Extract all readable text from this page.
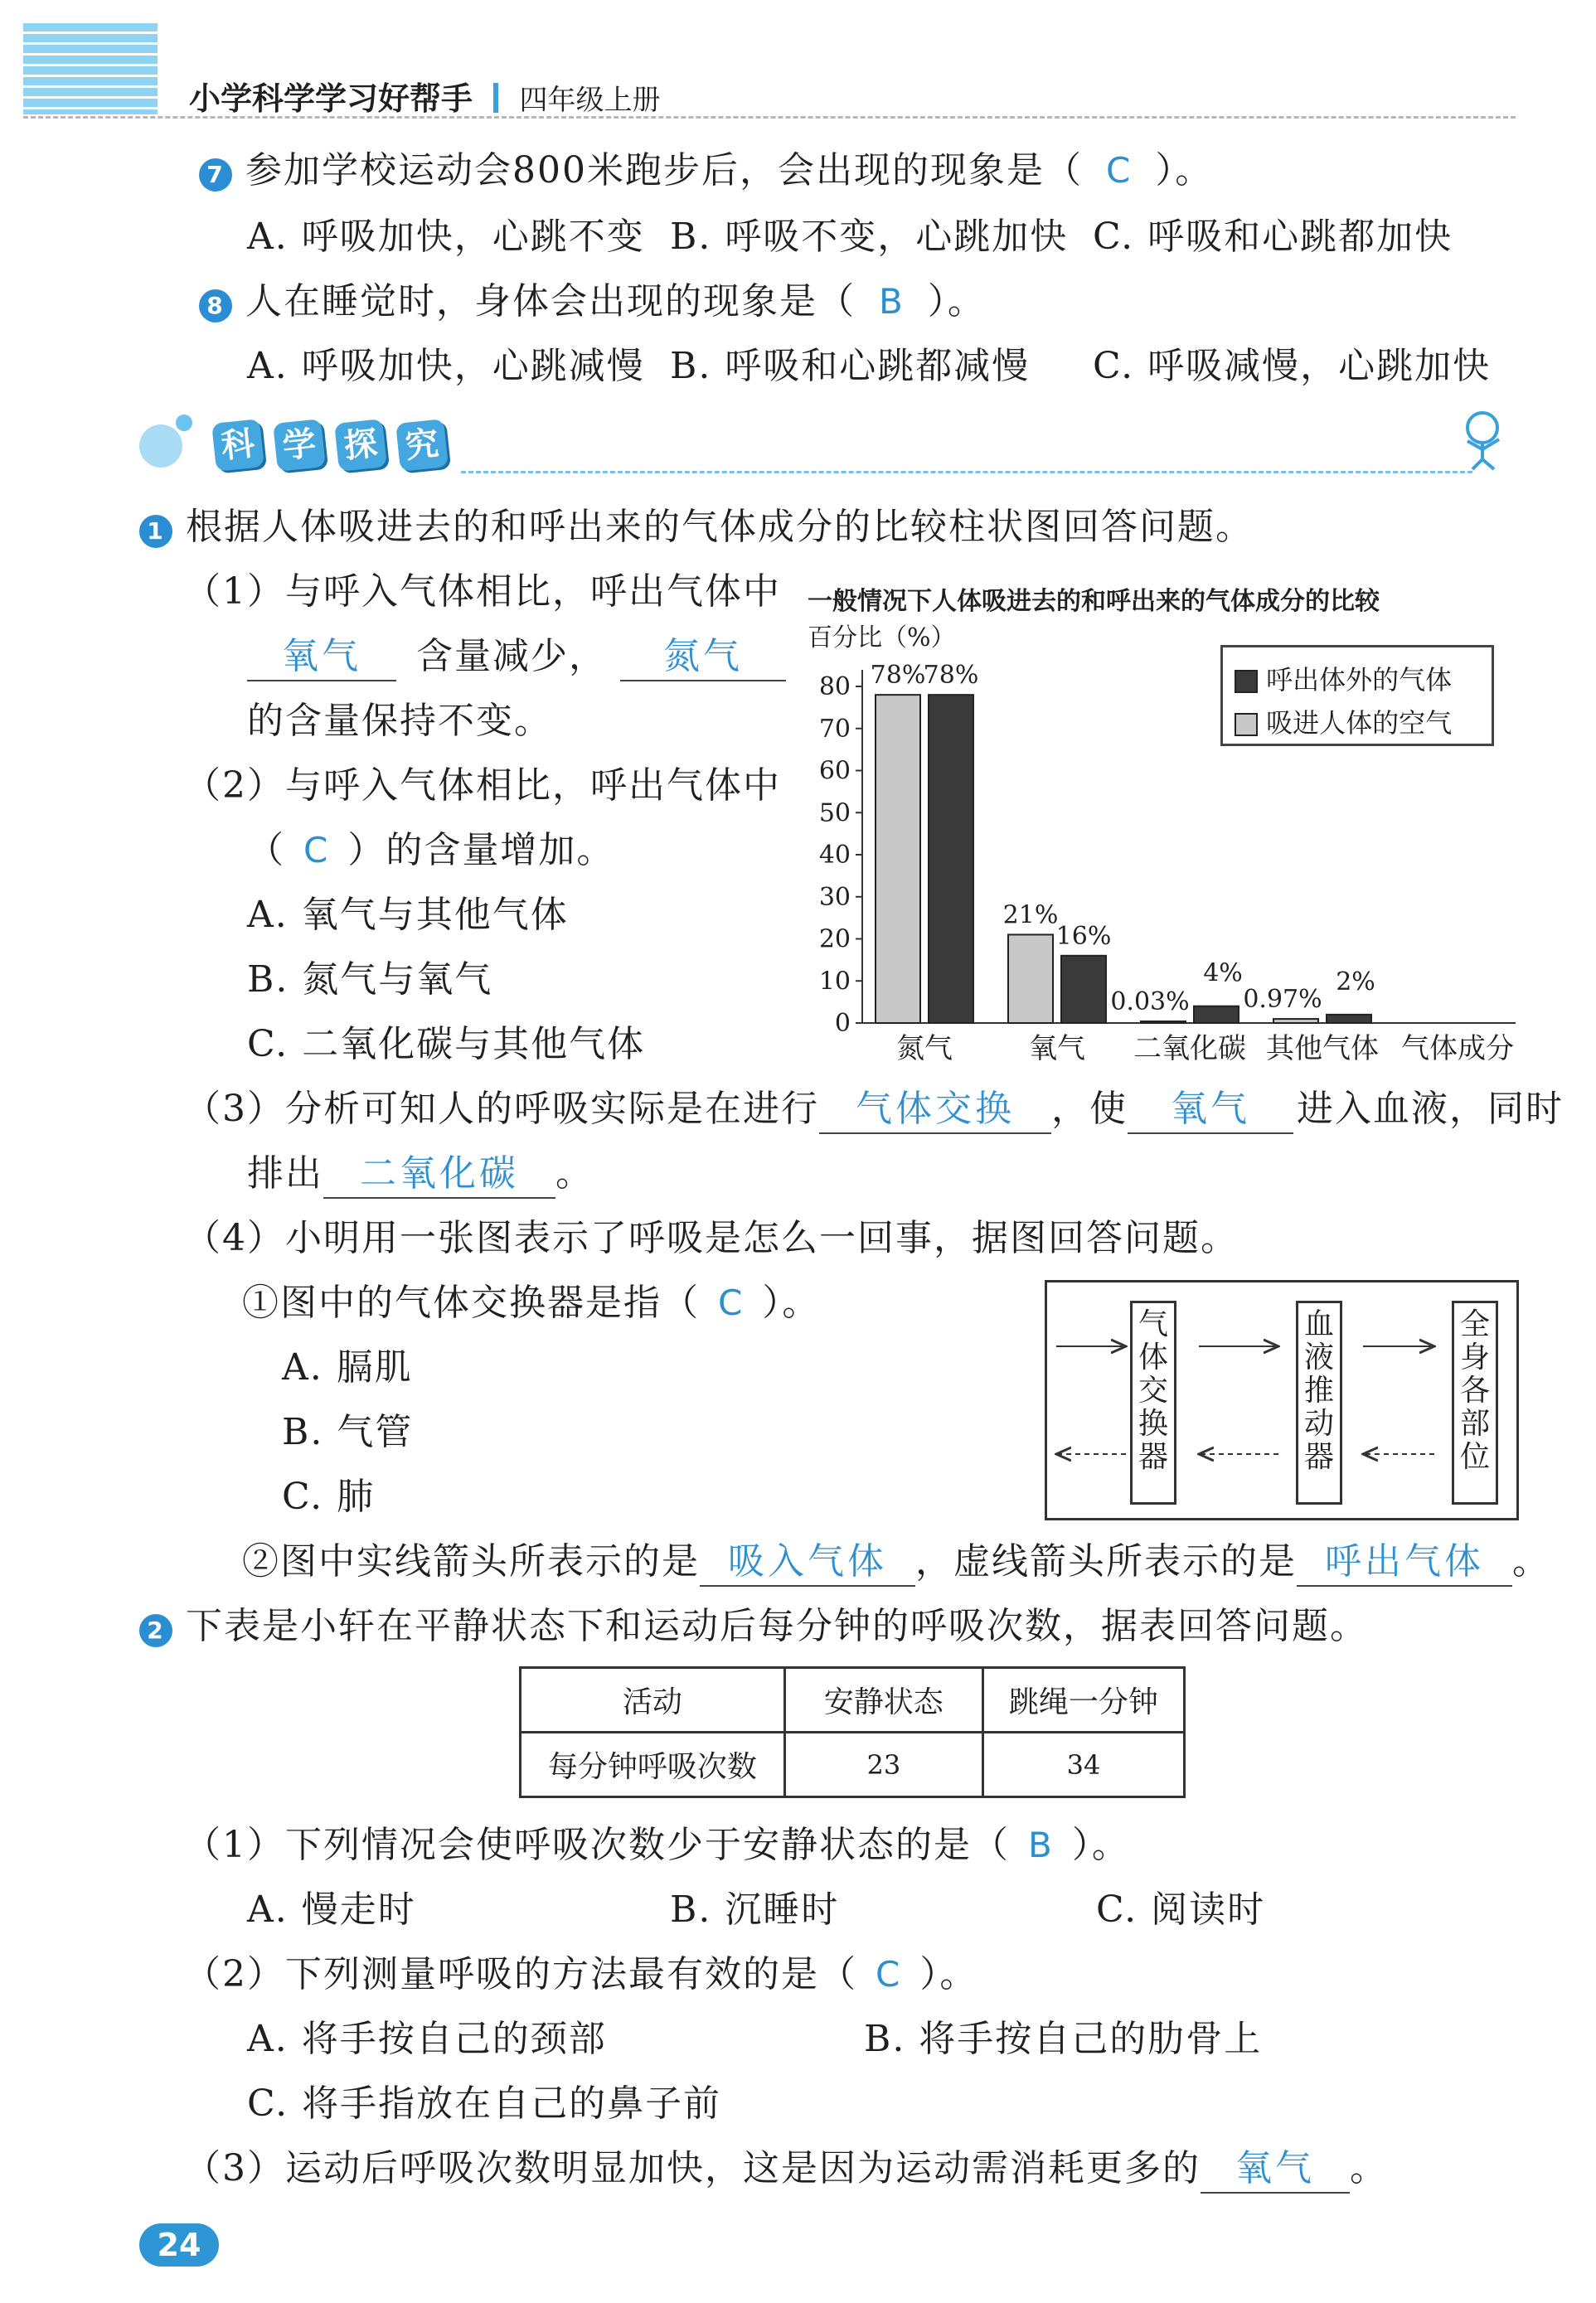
小学科学学习好帮手 四年级上册
7 参加学校运动会800米跑步后，会出现的现象是（ C ）。
A. 呼吸加快，心跳不变 B. 呼吸不变，心跳加快 C. 呼吸和心跳都加快
8 人在睡觉时，身体会出现的现象是（ B ）。
A. 呼吸加快，心跳减慢 B. 呼吸和心跳都减慢 C. 呼吸减慢，心跳加快
科 学 探 究
1 根据人体吸进去的和呼出来的气体成分的比较柱状图回答问题。
（1）与呼入气体相比，呼出气体中
氧气 含量减少， 氮气
的含量保持不变。
（2）与呼入气体相比，呼出气体中
（ C ）的含量增加。
A. 氧气与其他气体
B. 氮气与氧气
C. 二氧化碳与其他气体
一般情况下人体吸进去的和呼出来的气体成分的比较
百分比（%）
0
10
20
30
40
50
60
70
80 78%
78%
氮气
21%
16%
氧气
0.03%
4%
二氧化碳
0.97%
2%
其他气体 气体成分
呼出体外的气体
吸进人体的空气
（3）分析可知人的呼吸实际是在进行 气体交换 ，使 氧气 进入血液，同时
排出 二氧化碳 。
（4）小明用一张图表示了呼吸是怎么一回事，据图回答问题。
①图中的气体交换器是指（ C ）。
A. 膈肌
B. 气管
C. 肺
气体交换器
血液推动器
全身各部位
②图中实线箭头所表示的是 吸入气体 ，虚线箭头所表示的是 呼出气体 。
2 下表是小轩在平静状态下和运动后每分钟的呼吸次数，据表回答问题。
活动	安静状态	跳绳一分钟
每分钟呼吸次数	23	34
（1）下列情况会使呼吸次数少于安静状态的是（ B ）。
A. 慢走时	B. 沉睡时	C. 阅读时
（2）下列测量呼吸的方法最有效的是（ C ）。
A. 将手按自己的颈部	B. 将手按自己的肋骨上
C. 将手指放在自己的鼻子前
（3）运动后呼吸次数明显加快，这是因为运动需消耗更多的 氧气 。
24
